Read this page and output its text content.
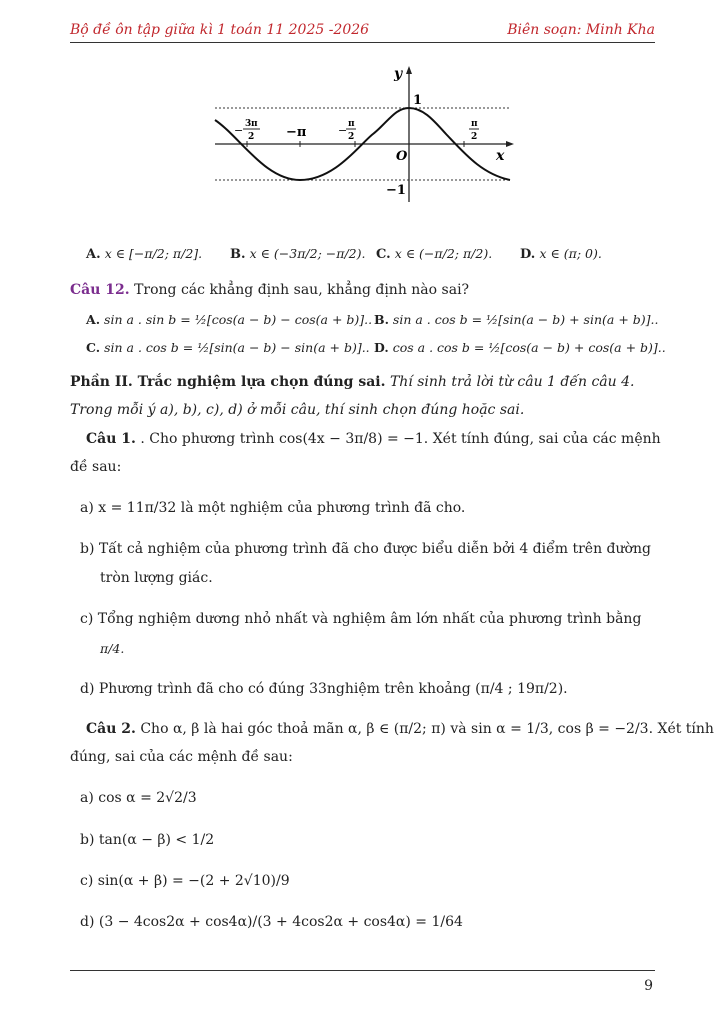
Bộ đề ôn tập giữa kì 1 toán 11 2025 -2026	Biên soạn: Minh Kha
y
x
O
1
−1
−π
− 3 π
2	− π
2
π
2
A. x ∈ [−π/2; π/2]. B. x ∈ (−3π/2; −π/2). C. x ∈ (−π/2; π/2). D. x ∈ (π; 0).
Câu 12. Trong các khẳng định sau, khẳng định nào sai?
A. sin a . sin b = ½[cos(a − b) − cos(a + b)].. B. sin a . cos b = ½[sin(a − b) + sin(a + b)]..
C. sin a . cos b = ½[sin(a − b) − sin(a + b)].. D. cos a . cos b = ½[cos(a − b) + cos(a + b)]..
Phần II. Trắc nghiệm lựa chọn đúng sai. Thí sinh trả lời từ câu 1 đến câu 4.
Trong mỗi ý a), b), c), d) ở mỗi câu, thí sinh chọn đúng hoặc sai.
Câu 1. . Cho phương trình cos(4x − 3π/8) = −1. Xét tính đúng, sai của các mệnh
đề sau:
a) x = 11π/32 là một nghiệm của phương trình đã cho.
b) Tất cả nghiệm của phương trình đã cho được biểu diễn bởi 4 điểm trên đường
tròn lượng giác.
c) Tổng nghiệm dương nhỏ nhất và nghiệm âm lớn nhất của phương trình bằng
π/4.
d) Phương trình đã cho có đúng 33nghiệm trên khoảng (π/4 ; 19π/2).
Câu 2. Cho α, β là hai góc thoả mãn α, β ∈ (π/2; π) và sin α = 1/3, cos β = −2/3. Xét tính
đúng, sai của các mệnh đề sau:
a) cos α = 2√2/3
b) tan(α − β) < 1/2
c) sin(α + β) = −(2 + 2√10)/9
d) (3 − 4cos2α + cos4α)/(3 + 4cos2α + cos4α) = 1/64
9
